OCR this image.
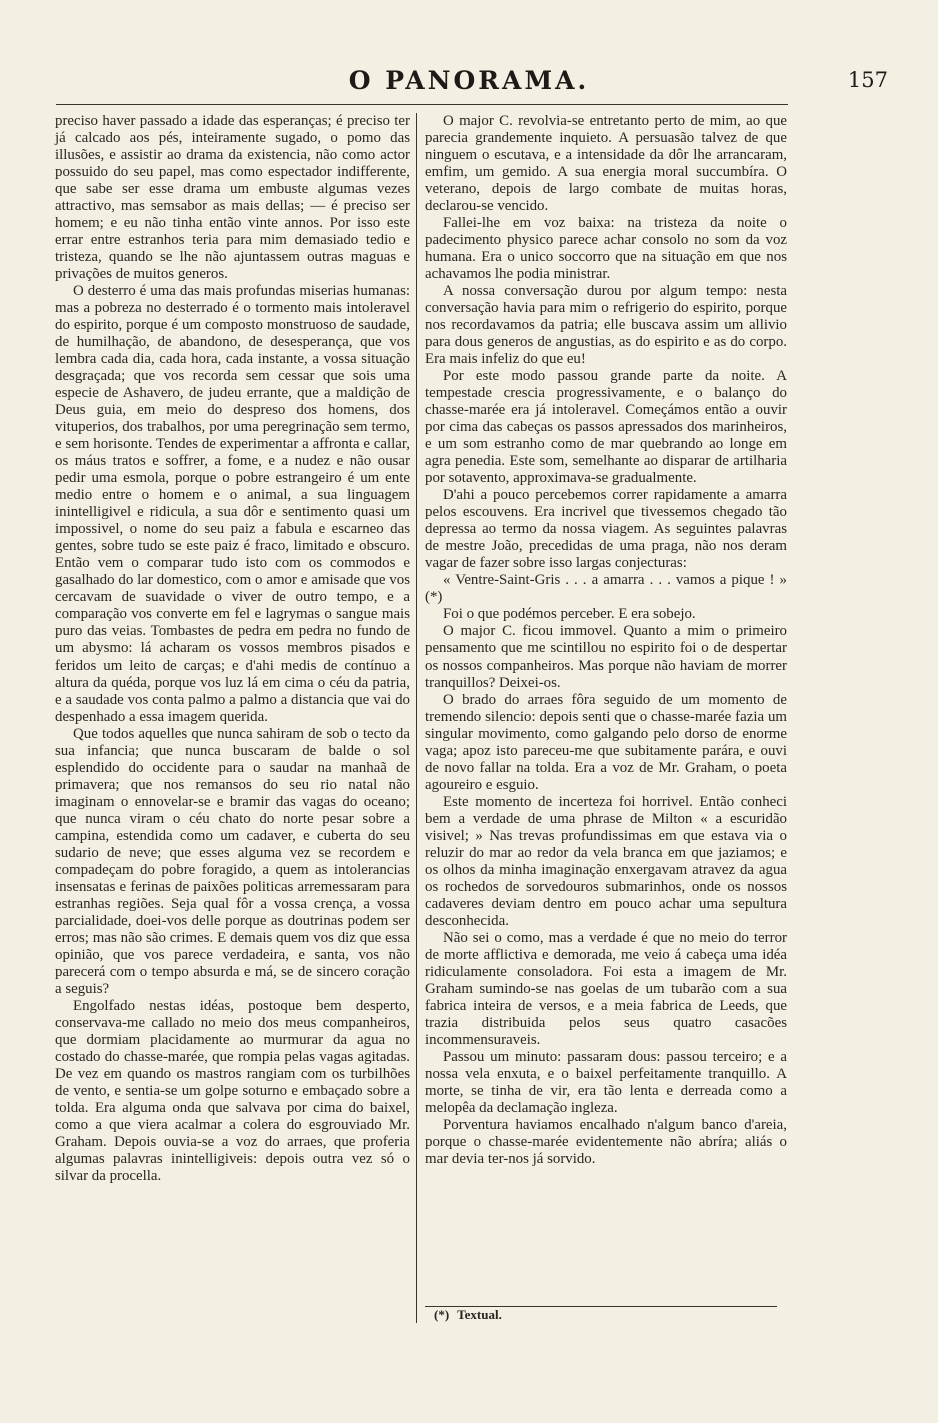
O PANORAMA.	157

preciso haver passado a idade das esperanças; é preciso ter já calcado aos pés, inteiramente sugado, o pomo das illusões, e assistir ao drama da existencia, não como actor possuido do seu papel, mas como espectador indifferente, que sabe ser esse drama um embuste algumas vezes attractivo, mas semsabor as mais dellas; — é preciso ser homem; e eu não tinha então vinte annos. Por isso este errar entre estranhos teria para mim demasiado tedio e tristeza, quando se lhe não ajuntassem outras maguas e privações de muitos generos.

O desterro é uma das mais profundas miserias humanas: mas a pobreza no desterrado é o tormento mais intoleravel do espirito, porque é um composto monstruoso de saudade, de humilhação, de abandono, de desesperança, que vos lembra cada dia, cada hora, cada instante, a vossa situação desgraçada; que vos recorda sem cessar que sois uma especie de Ashavero, de judeu errante, que a maldição de Deus guia, em meio do despreso dos homens, dos vituperios, dos trabalhos, por uma peregrinação sem termo, e sem horisonte. Tendes de experimentar a affronta e callar, os máus tratos e soffrer, a fome, e a nudez e não ousar pedir uma esmola, porque o pobre estrangeiro é um ente medio entre o homem e o animal, a sua linguagem inintelligivel e ridicula, a sua dôr e sentimento quasi um impossivel, o nome do seu paiz a fabula e escarneo das gentes, sobre tudo se este paiz é fraco, limitado e obscuro. Então vem o comparar tudo isto com os commodos e gasalhado do lar domestico, com o amor e amisade que vos cercavam de suavidade o viver de outro tempo, e a comparação vos converte em fel e lagrymas o sangue mais puro das veias. Tombastes de pedra em pedra no fundo de um abysmo: lá acharam os vossos membros pisados e feridos um leito de carças; e d'ahi medis de contínuo a altura da quéda, porque vos luz lá em cima o céu da patria, e a saudade vos conta palmo a palmo a distancia que vai do despenhado a essa imagem querida.

Que todos aquelles que nunca sahiram de sob o tecto da sua infancia; que nunca buscaram de balde o sol esplendido do occidente para o saudar na manhaã de primavera; que nos remansos do seu rio natal não imaginam o ennovelar-se e bramir das vagas do oceano; que nunca viram o céu chato do norte pesar sobre a campina, estendida como um cadaver, e cuberta do seu sudario de neve; que esses alguma vez se recordem e compadeçam do pobre foragido, a quem as intolerancias insensatas e ferinas de paixões politicas arremessaram para estranhas regiões. Seja qual fôr a vossa crença, a vossa parcialidade, doei-vos delle porque as doutrinas podem ser erros; mas não são crimes. E demais quem vos diz que essa opinião, que vos parece verdadeira, e santa, vos não parecerá com o tempo absurda e má, se de sincero coração a seguis?

Engolfado nestas idéas, postoque bem desperto, conservava-me callado no meio dos meus companheiros, que dormiam placidamente ao murmurar da agua no costado do chasse-marée, que rompia pelas vagas agitadas. De vez em quando os mastros rangiam com os turbilhões de vento, e sentia-se um golpe soturno e embaçado sobre a tolda. Era alguma onda que salvava por cima do baixel, como a que viera acalmar a colera do esgrouviado Mr. Graham. Depois ouvia-se a voz do arraes, que proferia algumas palavras inintelligiveis: depois outra vez só o silvar da procella.

O major C. revolvia-se entretanto perto de mim, ao que parecia grandemente inquieto. A persuasão talvez de que ninguem o escutava, e a intensidade da dôr lhe arrancaram, emfim, um gemido. A sua energia moral succumbíra. O veterano, depois de largo combate de muitas horas, declarou-se vencido.

Fallei-lhe em voz baixa: na tristeza da noite o padecimento physico parece achar consolo no som da voz humana. Era o unico soccorro que na situação em que nos achavamos lhe podia ministrar.

A nossa conversação durou por algum tempo: nesta conversação havia para mim o refrigerio do espirito, porque nos recordavamos da patria; elle buscava assim um allivio para dous generos de angustias, as do espirito e as do corpo. Era mais infeliz do que eu!

Por este modo passou grande parte da noite. A tempestade crescia progressivamente, e o balanço do chasse-marée era já intoleravel. Começámos então a ouvir por cima das cabeças os passos apressados dos marinheiros, e um som estranho como de mar quebrando ao longe em agra penedia. Este som, semelhante ao disparar de artilharia por sotavento, approximava-se gradualmente.

D'ahi a pouco percebemos correr rapidamente a amarra pelos escouvens. Era incrivel que tivessemos chegado tão depressa ao termo da nossa viagem. As seguintes palavras de mestre João, precedidas de uma praga, não nos deram vagar de fazer sobre isso largas conjecturas:

« Ventre-Saint-Gris . . . a amarra . . . vamos a pique ! » (*)

Foi o que podémos perceber. E era sobejo.

O major C. ficou immovel. Quanto a mim o primeiro pensamento que me scintillou no espirito foi o de despertar os nossos companheiros. Mas porque não haviam de morrer tranquillos? Deixei-os.

O brado do arraes fôra seguido de um momento de tremendo silencio: depois senti que o chasse-marée fazia um singular movimento, como galgando pelo dorso de enorme vaga; apoz isto pareceu-me que subitamente parára, e ouvi de novo fallar na tolda. Era a voz de Mr. Graham, o poeta agoureiro e esguio.

Este momento de incerteza foi horrivel. Então conheci bem a verdade de uma phrase de Milton « a escuridão visivel; » Nas trevas profundissimas em que estava via o reluzir do mar ao redor da vela branca em que jaziamos; e os olhos da minha imaginação enxergavam atravez da agua os rochedos de sorvedouros submarinhos, onde os nossos cadaveres deviam dentro em pouco achar uma sepultura desconhecida.

Não sei o como, mas a verdade é que no meio do terror de morte afflictiva e demorada, me veio á cabeça uma idéa ridiculamente consoladora. Foi esta a imagem de Mr. Graham sumindo-se nas goelas de um tubarão com a sua fabrica inteira de versos, e a meia fabrica de Leeds, que trazia distribuida pelos seus quatro casacões incommensuraveis.

Passou um minuto: passaram dous: passou terceiro; e a nossa vela enxuta, e o baixel perfeitamente tranquillo. A morte, se tinha de vir, era tão lenta e derreada como a melopêa da declamação ingleza.

Porventura haviamos encalhado n'algum banco d'areia, porque o chasse-marée evidentemente não abríra; aliás o mar devia ter-nos já sorvido.

(*) Textual.
